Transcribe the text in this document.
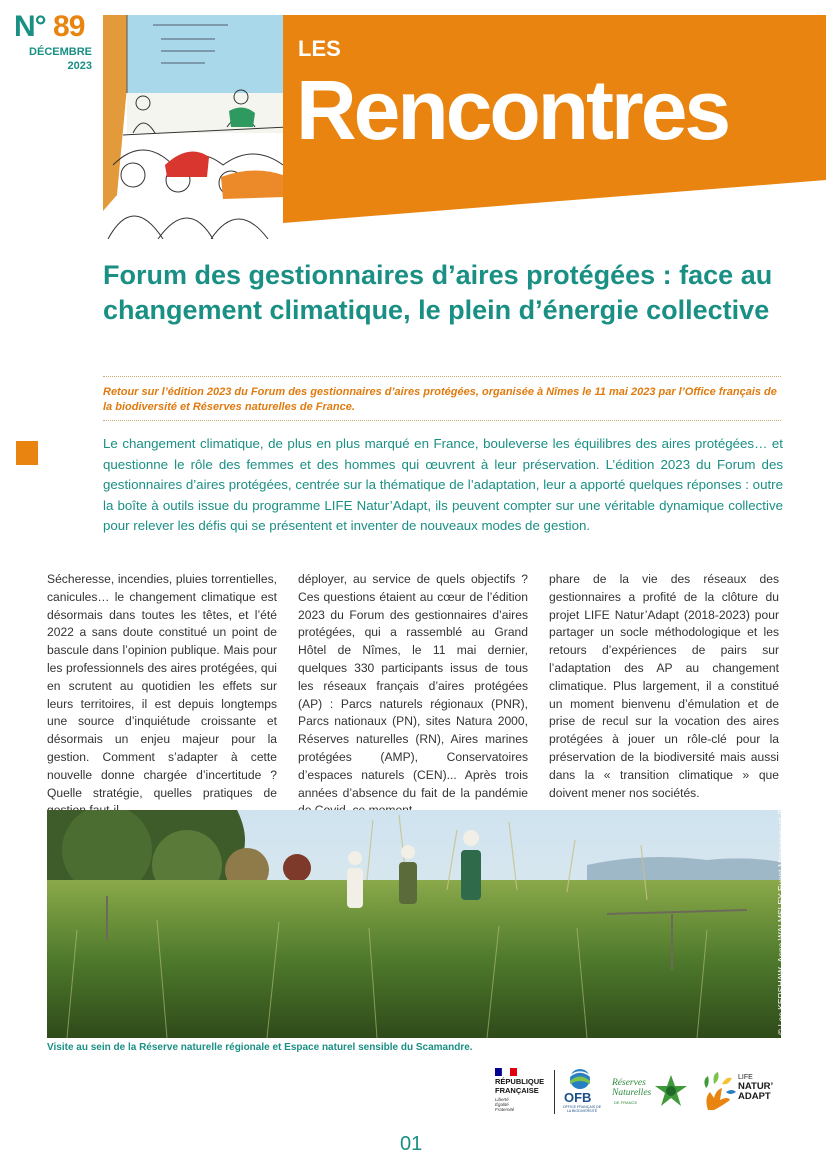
N° 89
DÉCEMBRE
2023
LES
Rencontres
Forum des gestionnaires d’aires protégées : face au changement climatique, le plein d’énergie collective
Retour sur l’édition 2023 du Forum des gestionnaires d’aires protégées, organisée à Nîmes le 11 mai 2023 par l’Office français de la biodiversité et Réserves naturelles de France.
Le changement climatique, de plus en plus marqué en France, bouleverse les équilibres des aires protégées… et questionne le rôle des femmes et des hommes qui œuvrent à leur préservation. L’édition 2023 du Forum des gestionnaires d’aires protégées, centrée sur la thématique de l’adaptation, leur a apporté quelques réponses : outre la boîte à outils issue du programme LIFE Natur’Adapt, ils peuvent compter sur une véritable dynamique collective pour relever les défis qui se présentent et inventer de nouveaux modes de gestion.
Sécheresse, incendies, pluies torrentielles, canicules… le changement climatique est désormais dans toutes les têtes, et l’été 2022 a sans doute constitué un point de bascule dans l’opinion publique. Mais pour les professionnels des aires protégées, qui en scrutent au quotidien les effets sur leurs territoires, il est depuis longtemps une source d’inquiétude croissante et désormais un enjeu majeur pour la gestion. Comment s’adapter à cette nouvelle donne chargée d’incertitude ? Quelle stratégie, quelles pratiques de
déployer, au service de quels objectifs ? Ces questions étaient au cœur de l’édition 2023 du Forum des gestionnaires d’aires protégées, qui a rassemblé au Grand Hôtel de Nîmes, le 11 mai dernier, quelques 330 participants issus de tous les réseaux français d’aires protégées (AP) : Parcs naturels régionaux (PNR), Parcs nationaux (PN), sites Natura 2000, Réserves naturelles (RN), Aires marines protégées (AMP), Conservatoires d’espaces naturels (CEN)... Après trois années d’absence du fait de la pandémie
phare de la vie des réseaux des gestionnaires a profité de la clôture du projet LIFE Natur’Adapt (2018-2023) pour partager un socle méthodologique et les retours d’expériences de pairs sur l’adaptation des AP au changement climatique. Plus largement, il a constitué un moment bienvenu d’émulation et de prise de recul sur la vocation des aires protégées à jouer un rôle-clé pour la préservation de la biodiversité mais aussi dans la « transition climatique » que doivent mener nos sociétés.
© Lee KERSHAW_Anna WALMSLEY Event Management (56)
Visite au sein de la Réserve naturelle régionale et Espace naturel sensible du Scamandre.
RÉPUBLIQUE FRANÇAISE
Liberté Égalité Fraternité
OFB
OFFICE FRANÇAIS DE LA BIODIVERSITÉ
Réserves Naturelles
DE FRANCE
LIFE
NATUR’ ADAPT
01
